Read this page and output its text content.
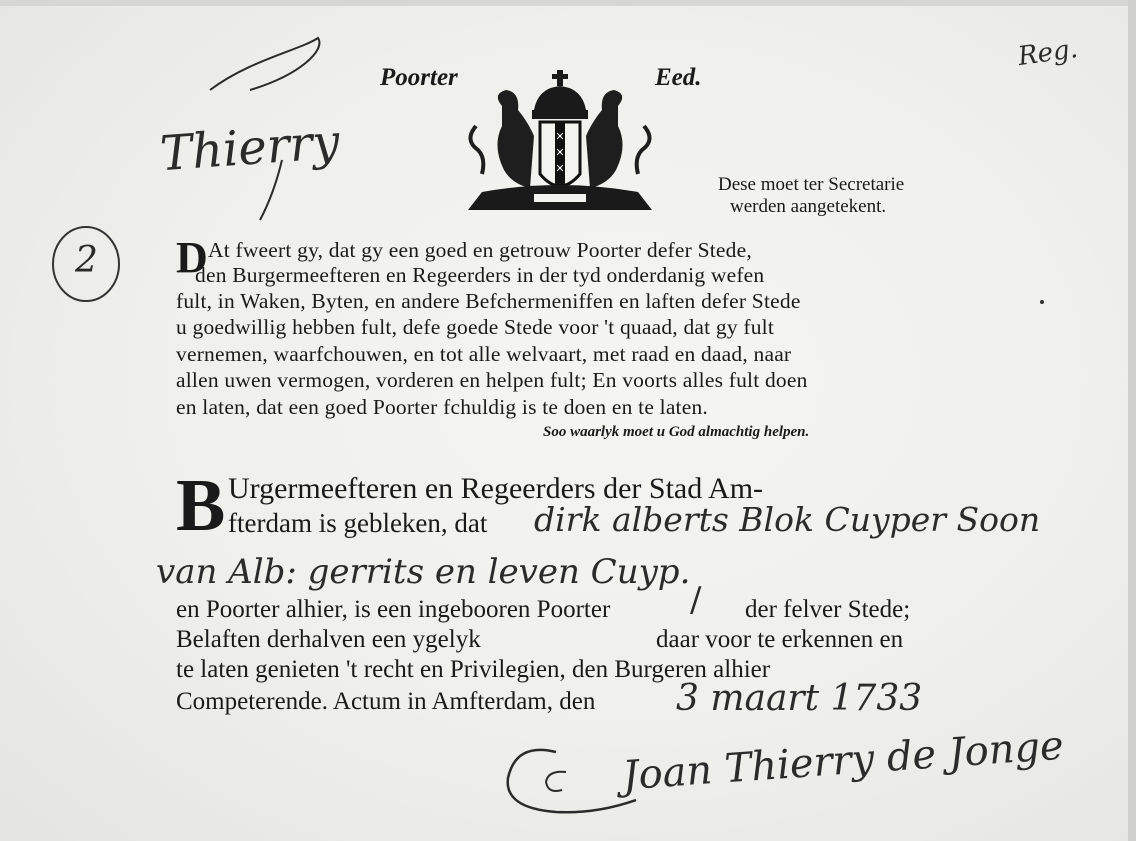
Thierry
2
Reg.
Poorter	Eed.
✕
✕
✕
Dese moet ter Secretarie
werden aangetekent.
D At fweert gy, dat gy een goed en getrouw Poorter defer Stede,
den Burgermeefteren en Regeerders in der tyd onderdanig wefen
fult, in Waken, Byten, en andere Befchermeniffen en laften defer Stede
u goedwillig hebben fult, defe goede Stede voor 't quaad, dat gy fult
vernemen, waarfchouwen, en tot alle welvaart, met raad en daad, naar
allen uwen vermogen, vorderen en helpen fult; En voorts alles fult doen
en laten, dat een goed Poorter fchuldig is te doen en te laten.
Soo waarlyk moet u God almachtig helpen.
B Urgermeefteren en Regeerders der Stad Am-
fterdam is gebleken, dat dirk alberts Blok Cuyper Soon
van Alb: gerrits en leven Cuyp.
en Poorter alhier, is een ingebooren Poorter / der felver Stede;
Belaften derhalven een ygelyk	daar voor te erkennen en
te laten genieten 't recht en Privilegien, den Burgeren alhier
Competerende. Actum in Amfterdam, den 3 maart 1733
Joan Thierry de Jonge
